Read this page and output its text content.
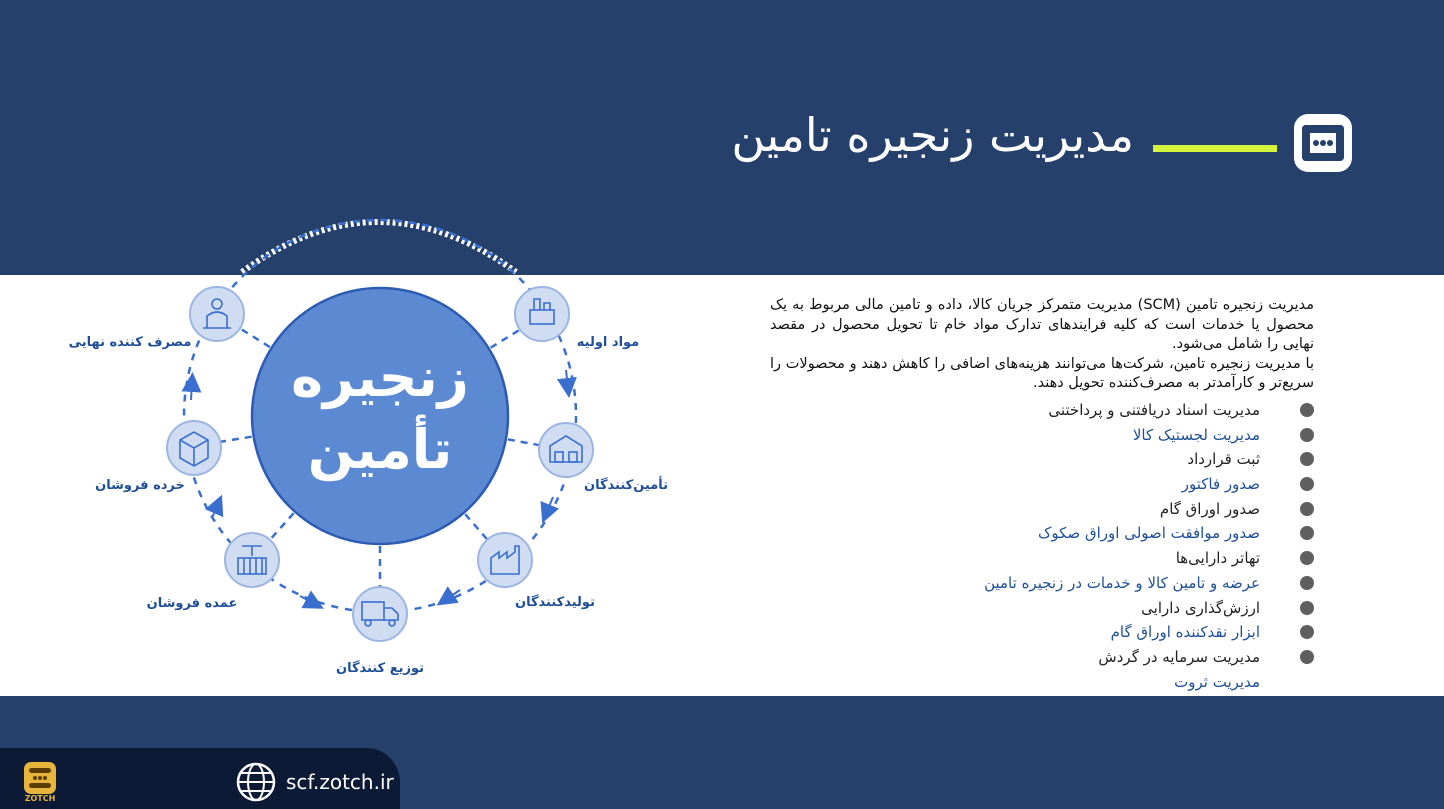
مدیریت زنجیره تامین
زنجیره
تأمین
مواد اولیه
تأمین‌کنندگان
تولیدکنندگان
توزیع کنندگان
عمده فروشان
خرده فروشان
مصرف کننده نهایی

مدیریت زنجیره تامین (SCM) مدیریت متمرکز جریان کالا، داده و تامین مالی مربوط به یک محصول یا خدمات است که کلیه فرایندهای تدارک مواد خام تا تحویل محصول در مقصد نهایی را شامل می‌شود.

با مدیریت زنجیره تامین، شرکت‌ها می‌توانند هزینه‌های اضافی را کاهش دهند و محصولات را سریع‌تر و کارآمدتر به مصرف‌کننده تحویل دهند.

مدیریت اسناد دریافتنی و پرداختنی
مدیریت لجستیک کالا
ثبت قرارداد
صدور فاکتور
صدور اوراق گام
صدور موافقت اصولی اوراق صکوک
تهاتر دارایی‌ها
عرضه و تامین کالا و خدمات در زنجیره تامین
ارزش‌گذاری دارایی
ابزار نقدکننده اوراق گام
مدیریت سرمایه در گردش
مدیریت ثروت
ZOTCH
scf.zotch.ir
